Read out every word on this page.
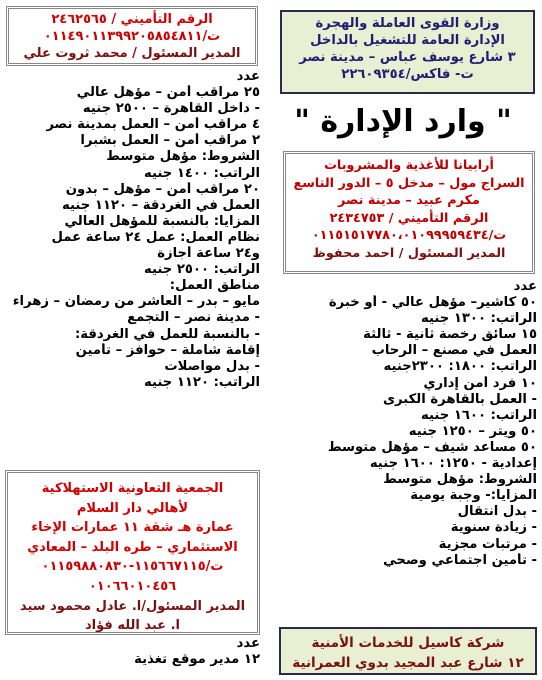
وزارة القوى العاملة والهجرة
الإدارة العامة للتشغيل بالداخل
٣ شارع يوسف عباس – مدينة نصر
ت- فاكس/٢٢٦٠٩٣٥٤
الرقم التأميني / ٢٤٦٢٥٦٥
ت/٠١١٤٩٠١١٣٩٩٢٠٥٨٥٤٨١١
المدير المسئول / محمد ثروت علي
" وارد الإدارة "
أرابيانا للأغذية والمشروبات
السراج مول – مدخل ٥ – الدور التاسع
مكرم عبيد – مدينة نصر
الرقم التأميني / ٢٤٣٤٧٥٣
ت/٠١١٥١٥١٧٧٨٠،٠١٠٩٩٩٥٩٤٣٤
المدير المسئول / احمد محفوظ
عدد
٢٥ مراقب أمن – مؤهل عالي
- داخل القاهرة – ٢٥٠٠ جنيه
٤ مراقب أمن – العمل بمدينة نصر
٢ مراقب أمن – العمل بشبرا
الشروط: مؤهل متوسط
الراتب: ١٤٠٠ جنيه
٢٠ مراقب أمن – مؤهل – بدون
العمل في الغردقة – ١١٢٠ جنيه
المزايا: بالنسبة للمؤهل العالي
نظام العمل: عمل ٢٤ ساعة عمل
و٢٤ ساعة أجازة
الراتب: ٢٥٠٠ جنيه
مناطق العمل:
مايو – بدر – العاشر من رمضان – زهراء
- مدينة نصر – التجمع
- بالنسبة للعمل في الغردقة:
إقامة شاملة – حوافز – تأمين
- بدل مواصلات
الراتب: ١١٢٠ جنيه
عدد
٥٠ كاشير– مؤهل عالي - أو خبرة
الراتب: ١٣٠٠ جنيه
١٥ سائق رخصة ثانية - ثالثة
العمل في مصنع – الرحاب
الراتب: ١٨٠٠: ٢٣٠٠جنيه
١٠ فرد أمن إداري
- العمل بالقاهرة الكبرى
الراتب: ١٦٠٠ جنيه
٥٠ ويتر – ١٢٥٠ جنيه
٥٠ مساعد شيف – مؤهل متوسط
إعدادية - ١٢٥٠: ١٦٠٠ جنيه
الشروط: مؤهل متوسط
المزايا:- وجبة يومية
- بدل انتقال
- زيادة سنوية
- مرتبات مجزية
- تأمين اجتماعي وصحي
الجمعية التعاونية الاستهلاكية
لأهالي دار السلام
عمارة هـ شقة ١١ عمارات الإخاء
الاستثماري – طره البلد – المعادي
ت/١١٥٦٦٧١١٥-٠١١٥٩٨٨٠٨٣٠
٠١٠٦٦٠١٠٤٥٦
المدير المسئول/ا. عادل محمود سيد
ا. عبد الله فؤاد
عدد
١٢ مدير موقع تغذية
شركة كاسيل للخدمات الأمنية
١٢ شارع عبد المجيد بدوي العمرانية
